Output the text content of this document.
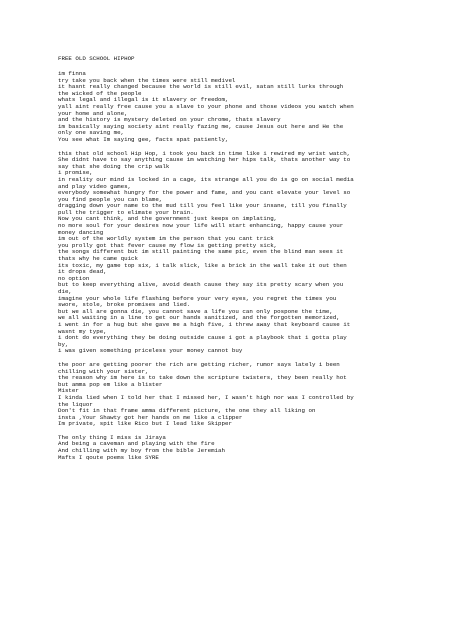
FREE OLD SCHOOL HIPHOP
im finna
try take you back when the times were still medivel
it hasnt really changed because the world is still evil, satan still lurks through
the wicked of the people
whats legal and illegal is it slavery or freedom,
yall aint really free cause you a slave to your phone and those videos you watch when
your home and alone,
and the history is mystery deleted on your chrome, thats slavery
im basically saying society aint really fazing me, cause Jesus out here and He the
only one saving me,
You see what Im saying gee, facts spat patiently,
this that old school Hip Hop, i took you back in time like i rewired my wrist watch,
She didnt have to say anything cause im watching her hips talk, thats another way to
say that she doing the crip walk
i promise,
in reality our mind is locked in a cage, its strange all you do is go on social media
and play video games,
everybody somewhat hungry for the power and fame, and you cant elevate your level so
you find people you can blame,
dragging down your name to the mud till you feel like your insane, till you finally
pull the trigger to elimate your brain.
Now you cant think, and the government just keeps on implating,
no more soul for your desires now your life will start enhancing, happy cause your
money dancing
im out of the worldly system im the person that you cant trick
you prolly got that fever cause my flow is getting pretty sick,
the songs different but im still painting the same pic, even the blind man sees it
thats why he came quick
its toxic, my game top six, i talk slick, like a brick in the wall take it out then
it drops dead,
no option
but to keep everything alive, avoid death cause they say its pretty scary when you
die,
imagine your whole life flashing before your very eyes, you regret the times you
swore, stole, broke promises and lied.
but we all are gonna die, you cannot save a life you can only pospone the time,
we all waiting in a line to get our hands sanitized, and the forgotten memorized,
i went in for a hug but she gave me a high five, i threw away that keyboard cause it
wasnt my type,
i dont do everything they be doing outside cause i got a playbook that i gotta play
by,
i was given something priceless your money cannot buy
the poor are getting poorer the rich are getting richer, rumor says lately i been
chilling with your sister,
the reason why im here is to take down the scripture twisters, they been really hot
but amma pop em like a blister
Mister
I kinda lied when I told her that I missed her, I wasn't high nor was I controlled by
the liquor
Don't fit in that frame amma different picture, the one they all liking on
insta ,Your Shawty got her hands on me like a clipper
Im private, spit like Rico but I lead like Skipper
The only thing I miss is Jiraya
And being a caveman and playing with the fire
And chilling with my boy from the bible Jeremiah
Mafts I qoute poems like SYRE
